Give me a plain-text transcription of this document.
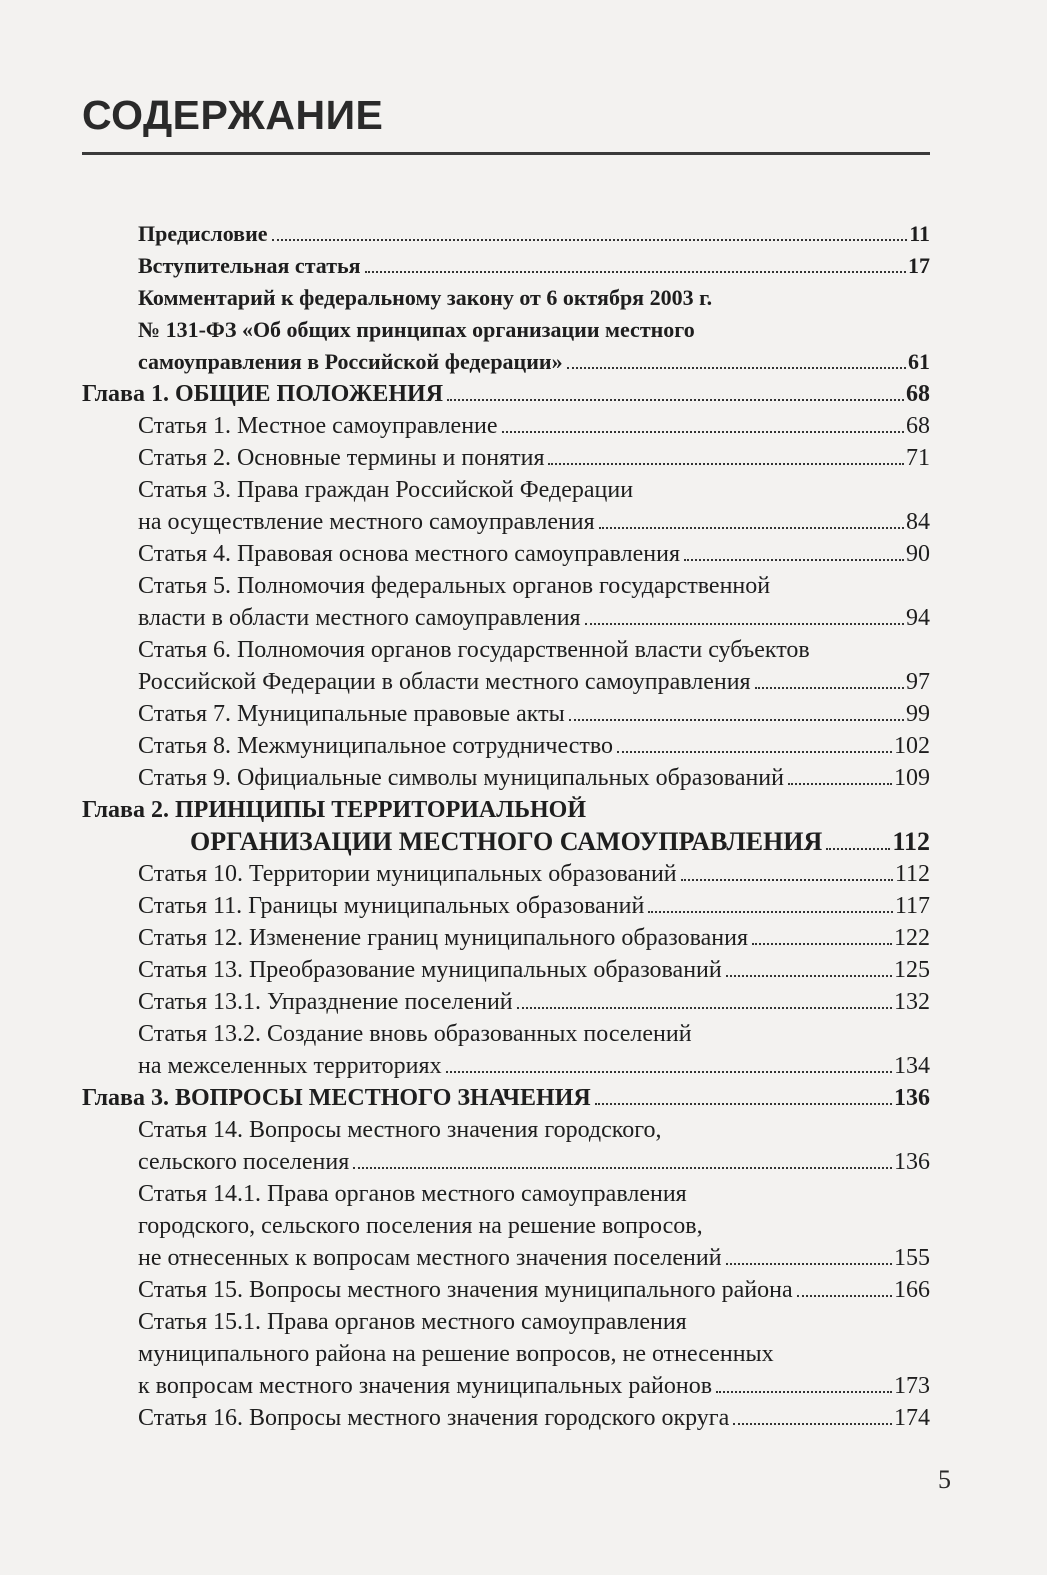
СОДЕРЖАНИЕ
Предисловие	11
Вступительная статья	17
Комментарий к федеральному закону от 6 октября 2003 г.
№ 131-ФЗ «Об общих принципах организации местного
самоуправления в Российской федерации»	61
Глава 1. ОБЩИЕ ПОЛОЖЕНИЯ	68
Статья 1. Местное самоуправление	68
Статья 2. Основные термины и понятия	71
Статья 3. Права граждан Российской Федерации
на осуществление местного самоуправления	84
Статья 4. Правовая основа местного самоуправления	90
Статья 5. Полномочия федеральных органов государственной
власти в области местного самоуправления	94
Статья 6. Полномочия органов государственной власти субъектов
Российской Федерации в области местного самоуправления	97
Статья 7. Муниципальные правовые акты	99
Статья 8. Межмуниципальное сотрудничество	102
Статья 9. Официальные символы муниципальных образований	109
Глава 2. ПРИНЦИПЫ ТЕРРИТОРИАЛЬНОЙ
ОРГАНИЗАЦИИ МЕСТНОГО САМОУПРАВЛЕНИЯ	112
Статья 10. Территории муниципальных образований	112
Статья 11. Границы муниципальных образований	117
Статья 12. Изменение границ муниципального образования	122
Статья 13. Преобразование муниципальных образований	125
Статья 13.1. Упразднение поселений	132
Статья 13.2. Создание вновь образованных поселений
на межселенных территориях	134
Глава 3. ВОПРОСЫ МЕСТНОГО ЗНАЧЕНИЯ	136
Статья 14. Вопросы местного значения городского,
сельского поселения	136
Статья 14.1. Права органов местного самоуправления
городского, сельского поселения на решение вопросов,
не отнесенных к вопросам местного значения поселений	155
Статья 15. Вопросы местного значения муниципального района	166
Статья 15.1. Права органов местного самоуправления
муниципального района на решение вопросов, не отнесенных
к вопросам местного значения муниципальных районов	173
Статья 16. Вопросы местного значения городского округа	174
5
